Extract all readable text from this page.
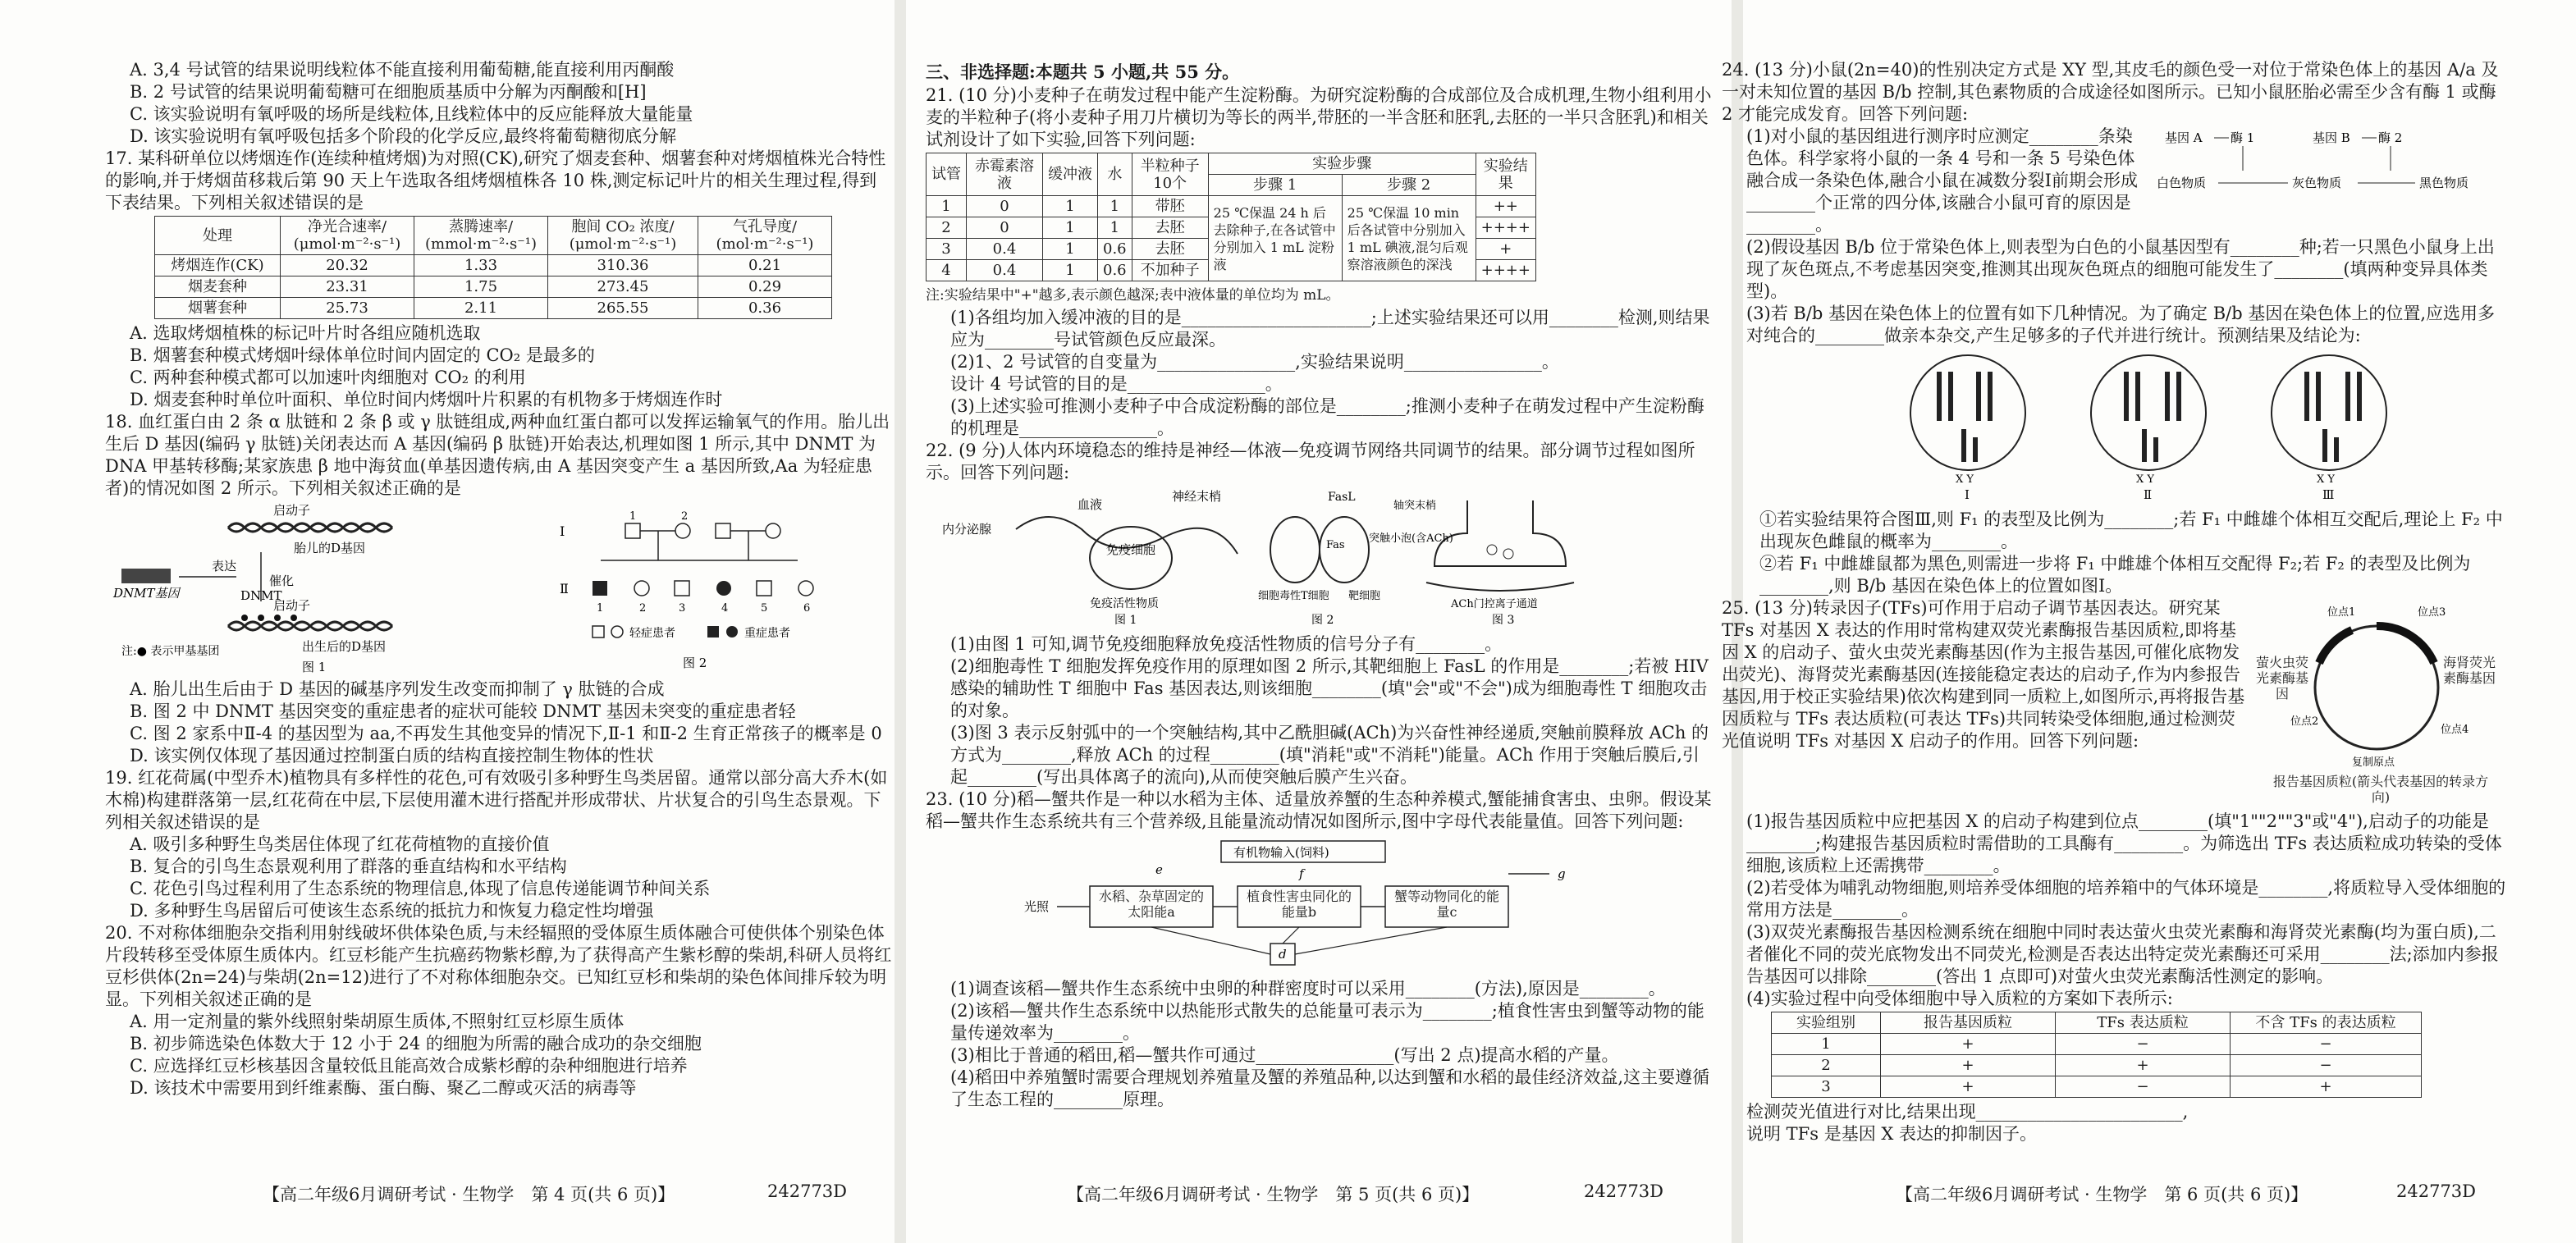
A. 3,4 号试管的结果说明线粒体不能直接利用葡萄糖,能直接利用丙酮酸

B. 2 号试管的结果说明葡萄糖可在细胞质基质中分解为丙酮酸和[H]

C. 该实验说明有氧呼吸的场所是线粒体,且线粒体中的反应能释放大量能量

D. 该实验说明有氧呼吸包括多个阶段的化学反应,最终将葡萄糖彻底分解

17. 某科研单位以烤烟连作(连续种植烤烟)为对照(CK),研究了烟麦套种、烟薯套种对烤烟植株光合特性的影响,并于烤烟苗移栽后第 90 天上午选取各组烤烟植株各 10 株,测定标记叶片的相关生理过程,得到下表结果。下列相关叙述错误的是

处理	净光合速率/ (μmol·m⁻²·s⁻¹)	蒸腾速率/ (mmol·m⁻²·s⁻¹)	胞间 CO₂ 浓度/ (μmol·m⁻²·s⁻¹)	气孔导度/ (mol·m⁻²·s⁻¹)
烤烟连作(CK)	20.32	1.33	310.36	0.21
烟麦套种	23.31	1.75	273.45	0.29
烟薯套种	25.73	2.11	265.55	0.36

A. 选取烤烟植株的标记叶片时各组应随机选取

B. 烟薯套种模式烤烟叶绿体单位时间内固定的 CO₂ 是最多的

C. 两种套种模式都可以加速叶肉细胞对 CO₂ 的利用

D. 烟麦套种时单位叶面积、单位时间内烤烟叶片积累的有机物多于烤烟连作时

18. 血红蛋白由 2 条 α 肽链和 2 条 β 或 γ 肽链组成,两种血红蛋白都可以发挥运输氧气的作用。胎儿出生后 D 基因(编码 γ 肽链)关闭表达而 A 基因(编码 β 肽链)开始表达,机理如图 1 所示,其中 DNMT 为 DNA 甲基转移酶;某家族患 β 地中海贫血(单基因遗传病,由 A 基因突变产生 a 基因所致,Aa 为轻症患者)的情况如图 2 所示。下列相关叙述正确的是

启动子
胎儿的D基因
表达
催化
DNMT基因	DNMT
启动子
出生后的D基因
注:● 表示甲基基团
图 1
Ⅰ
Ⅱ
1	2
1	2	3	4	5	6
轻症患者	重症患者
图 2

A. 胎儿出生后由于 D 基因的碱基序列发生改变而抑制了 γ 肽链的合成

B. 图 2 中 DNMT 基因突变的重症患者的症状可能较 DNMT 基因未突变的重症患者轻

C. 图 2 家系中Ⅱ-4 的基因型为 aa,不再发生其他变异的情况下,Ⅱ-1 和Ⅱ-2 生育正常孩子的概率是 0

D. 该实例仅体现了基因通过控制蛋白质的结构直接控制生物体的性状

19. 红花荷属(中型乔木)植物具有多样性的花色,可有效吸引多种野生鸟类居留。通常以部分高大乔木(如木棉)构建群落第一层,红花荷在中层,下层使用灌木进行搭配并形成带状、片状复合的引鸟生态景观。下列相关叙述错误的是

A. 吸引多种野生鸟类居住体现了红花荷植物的直接价值

B. 复合的引鸟生态景观利用了群落的垂直结构和水平结构

C. 花色引鸟过程利用了生态系统的物理信息,体现了信息传递能调节种间关系

D. 多种野生鸟居留后可使该生态系统的抵抗力和恢复力稳定性均增强

20. 不对称体细胞杂交指利用射线破坏供体染色质,与未经辐照的受体原生质体融合可使供体个别染色体片段转移至受体原生质体内。红豆杉能产生抗癌药物紫杉醇,为了获得高产生紫杉醇的柴胡,科研人员将红豆杉供体(2n=24)与柴胡(2n=12)进行了不对称体细胞杂交。已知红豆杉和柴胡的染色体间排斥较为明显。下列相关叙述正确的是

A. 用一定剂量的紫外线照射柴胡原生质体,不照射红豆杉原生质体

B. 初步筛选染色体数大于 12 小于 24 的细胞为所需的融合成功的杂交细胞

C. 应选择红豆杉核基因含量较低且能高效合成紫杉醇的杂种细胞进行培养

D. 该技术中需要用到纤维素酶、蛋白酶、聚乙二醇或灭活的病毒等

三、非选择题:本题共 5 小题,共 55 分。

21. (10 分)小麦种子在萌发过程中能产生淀粉酶。为研究淀粉酶的合成部位及合成机理,生物小组利用小麦的半粒种子(将小麦种子用刀片横切为等长的两半,带胚的一半含胚和胚乳,去胚的一半只含胚乳)和相关试剂设计了如下实验,回答下列问题:

试管	赤霉素溶液	缓冲液	水	半粒种子10个	实验步骤		实验结果
					步骤 1	步骤 2	
1	0	1	1	带胚	25 ℃保温 24 h 后去除种子,在各试管中分别加入 1 mL 淀粉液	25 ℃保温 10 min 后各试管中分别加入 1 mL 碘液,混匀后观察溶液颜色的深浅	++
2	0	1	1	去胚			++++
3	0.4	1	0.6	去胚			+
4	0.4	1	0.6	不加种子			++++

注:实验结果中"+"越多,表示颜色越深;表中液体量的单位均为 mL。

(1)各组均加入缓冲液的目的是______________________;上述实验结果还可以用________检测,则结果应为________号试管颜色反应最深。

(2)1、2 号试管的自变量为________________,实验结果说明________________。

设计 4 号试管的目的是________________。

(3)上述实验可推测小麦种子中合成淀粉酶的部位是________;推测小麦种子在萌发过程中产生淀粉酶的机理是________________。

22. (9 分)人体内环境稳态的维持是神经—体液—免疫调节网络共同调节的结果。部分调节过程如图所示。回答下列问题:

内分泌腺
血液
神经末梢
免疫细胞
免疫活性物质
图 1
FasL
Fas
细胞毒性T细胞 靶细胞
图 2
轴突末梢
突触小泡(含ACh)
ACh门控离子通道
图 3

(1)由图 1 可知,调节免疫细胞释放免疫活性物质的信号分子有________。

(2)细胞毒性 T 细胞发挥免疫作用的原理如图 2 所示,其靶细胞上 FasL 的作用是________;若被 HIV 感染的辅助性 T 细胞中 Fas 基因表达,则该细胞________(填"会"或"不会")成为细胞毒性 T 细胞攻击的对象。

(3)图 3 表示反射弧中的一个突触结构,其中乙酰胆碱(ACh)为兴奋性神经递质,突触前膜释放 ACh 的方式为________,释放 ACh 的过程________(填"消耗"或"不消耗")能量。ACh 作用于突触后膜后,引起________(写出具体离子的流向),从而使突触后膜产生兴奋。

23. (10 分)稻—蟹共作是一种以水稻为主体、适量放养蟹的生态种养模式,蟹能捕食害虫、虫卵。假设某稻—蟹共作生态系统共有三个营养级,且能量流动情况如图所示,图中字母代表能量值。回答下列问题:

有机物输入(饲料)
光照
水稻、杂草固定的太阳能a
植食性害虫同化的能量b
蟹等动物同化的能量c
e	f	g
d

(1)调查该稻—蟹共作生态系统中虫卵的种群密度时可以采用________(方法),原因是________。

(2)该稻—蟹共作生态系统中以热能形式散失的总能量可表示为________;植食性害虫到蟹等动物的能量传递效率为________。

(3)相比于普通的稻田,稻—蟹共作可通过________________(写出 2 点)提高水稻的产量。

(4)稻田中养殖蟹时需要合理规划养殖量及蟹的养殖品种,以达到蟹和水稻的最佳经济效益,这主要遵循了生态工程的________原理。

24. (13 分)小鼠(2n=40)的性别决定方式是 XY 型,其皮毛的颜色受一对位于常染色体上的基因 A/a 及一对未知位置的基因 B/b 控制,其色素物质的合成途径如图所示。已知小鼠胚胎必需至少含有酶 1 或酶 2 才能完成发育。回答下列问题:

(1)对小鼠的基因组进行测序时应测定________条染色体。科学家将小鼠的一条 4 号和一条 5 号染色体融合成一条染色体,融合小鼠在减数分裂Ⅰ前期会形成________个正常的四分体,该融合小鼠可育的原因是________。

基因 A 酶 1	基因 B 酶 2
白色物质	灰色物质	黑色物质

(2)假设基因 B/b 位于常染色体上,则表型为白色的小鼠基因型有________种;若一只黑色小鼠身上出现了灰色斑点,不考虑基因突变,推测其出现灰色斑点的细胞可能发生了________(填两种变异具体类型)。

(3)若 B/b 基因在染色体上的位置有如下几种情况。为了确定 B/b 基因在染色体上的位置,应选用多对纯合的________做亲本杂交,产生足够多的子代并进行统计。预测结果及结论为:

X Y
Ⅰ
X Y
Ⅱ
X Y
Ⅲ

①若实验结果符合图Ⅲ,则 F₁ 的表型及比例为________;若 F₁ 中雌雄个体相互交配后,理论上 F₂ 中出现灰色雌鼠的概率为________。

②若 F₁ 中雌雄鼠都为黑色,则需进一步将 F₁ 中雌雄个体相互交配得 F₂;若 F₂ 的表型及比例为________,则 B/b 基因在染色体上的位置如图Ⅰ。

25. (13 分)转录因子(TFs)可作用于启动子调节基因表达。研究某 TFs 对基因 X 表达的作用时常构建双荧光素酶报告基因质粒,即将基因 X 的启动子、萤火虫荧光素酶基因(作为主报告基因,可催化底物发出荧光)、海肾荧光素酶基因(连接能稳定表达的启动子,作为内参报告基因,用于校正实验结果)依次构建到同一质粒上,如图所示,再将报告基因质粒与 TFs 表达质粒(可表达 TFs)共同转染受体细胞,通过检测荧光值说明 TFs 对基因 X 启动子的作用。回答下列问题:

位点1	位点3
位点2
位点4
萤火虫荧光素酶基因
海肾荧光素酶基因
复制原点
报告基因质粒(箭头代表基因的转录方向)

(1)报告基因质粒中应把基因 X 的启动子构建到位点________(填"1""2""3"或"4"),启动子的功能是________;构建报告基因质粒时需借助的工具酶有________。为筛选出 TFs 表达质粒成功转染的受体细胞,该质粒上还需携带________。

(2)若受体为哺乳动物细胞,则培养受体细胞的培养箱中的气体环境是________,将质粒导入受体细胞的常用方法是________。

(3)双荧光素酶报告基因检测系统在细胞中同时表达萤火虫荧光素酶和海肾荧光素酶(均为蛋白质),二者催化不同的荧光底物发出不同荧光,检测是否表达出特定荧光素酶还可采用________法;添加内参报告基因可以排除________(答出 1 点即可)对萤火虫荧光素酶活性测定的影响。

(4)实验过程中向受体细胞中导入质粒的方案如下表所示:

实验组别	报告基因质粒	TFs 表达质粒	不含 TFs 的表达质粒
1	+	−	−
2	+	+	−
3	+	−	+

检测荧光值进行对比,结果出现________________________,

说明 TFs 是基因 X 表达的抑制因子。

【高二年级6月调研考试 · 生物学　第 4 页(共 6 页)】	242773D	【高二年级6月调研考试 · 生物学　第 5 页(共 6 页)】	242773D	【高二年级6月调研考试 · 生物学　第 6 页(共 6 页)】	242773D
